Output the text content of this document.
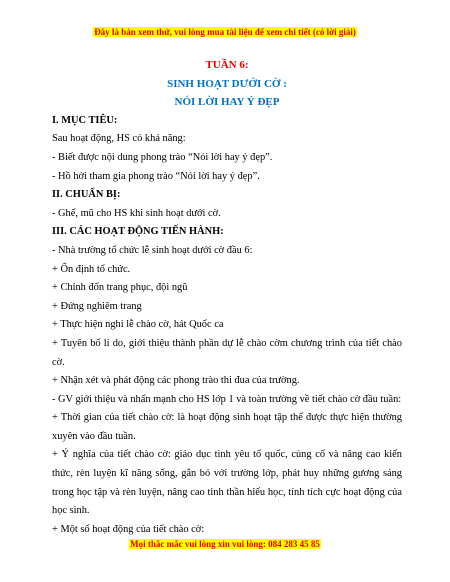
Đây là bản xem thử, vui lòng mua tài liệu để xem chi tiết (có lời giải)
TUẦN 6:
SINH HOẠT DƯỚI CỜ :
NÓI LỜI HAY Ý ĐẸP
I. MỤC TIÊU:
Sau hoạt động, HS có khả năng:
- Biết được nội dung phong trào “Nói lời hay ý đẹp”.
- Hồ hởi tham gia phong trào “Nói lời hay ý đẹp”.
II. CHUẨN BỊ:
- Ghế, mũ cho HS khi sinh hoạt dưới cờ.
III. CÁC HOẠT ĐỘNG TIẾN HÀNH:
- Nhà trường tổ chức lễ sinh hoạt dưới cờ đầu 6:
+ Ổn định tổ chức.
+ Chỉnh đốn trang phục, đội ngũ
+ Đứng nghiêm trang
+ Thực hiện nghi lễ chào cờ, hát Quốc ca
+ Tuyên bố lí do, giới thiệu thành phần dự lễ chào cờm chương trình của tiết chào cờ.
+ Nhận xét và phát động các phong trào thi đua của trường.
- GV giới thiệu và nhấn mạnh cho HS lớp 1 và toàn trường về tiết chào cờ đầu tuần:
+ Thời gian của tiết chào cờ: là hoạt động sinh hoạt tập thể được thực hiện thường xuyên vào đầu tuần.
+ Ý nghĩa của tiết chào cờ: giáo dục tình yêu tổ quốc, củng cố và nâng cao kiến thức, rèn luyện kĩ năng sống, gắn bó với trường lớp, phát huy những gương sáng trong học tập và rèn luyện, nâng cao tinh thần hiếu học, tính tích cực hoạt động của học sinh.
+ Một số hoạt động của tiết chào cờ:
Mọi thắc mắc vui lòng xin vui lòng: 084 283 45 85
